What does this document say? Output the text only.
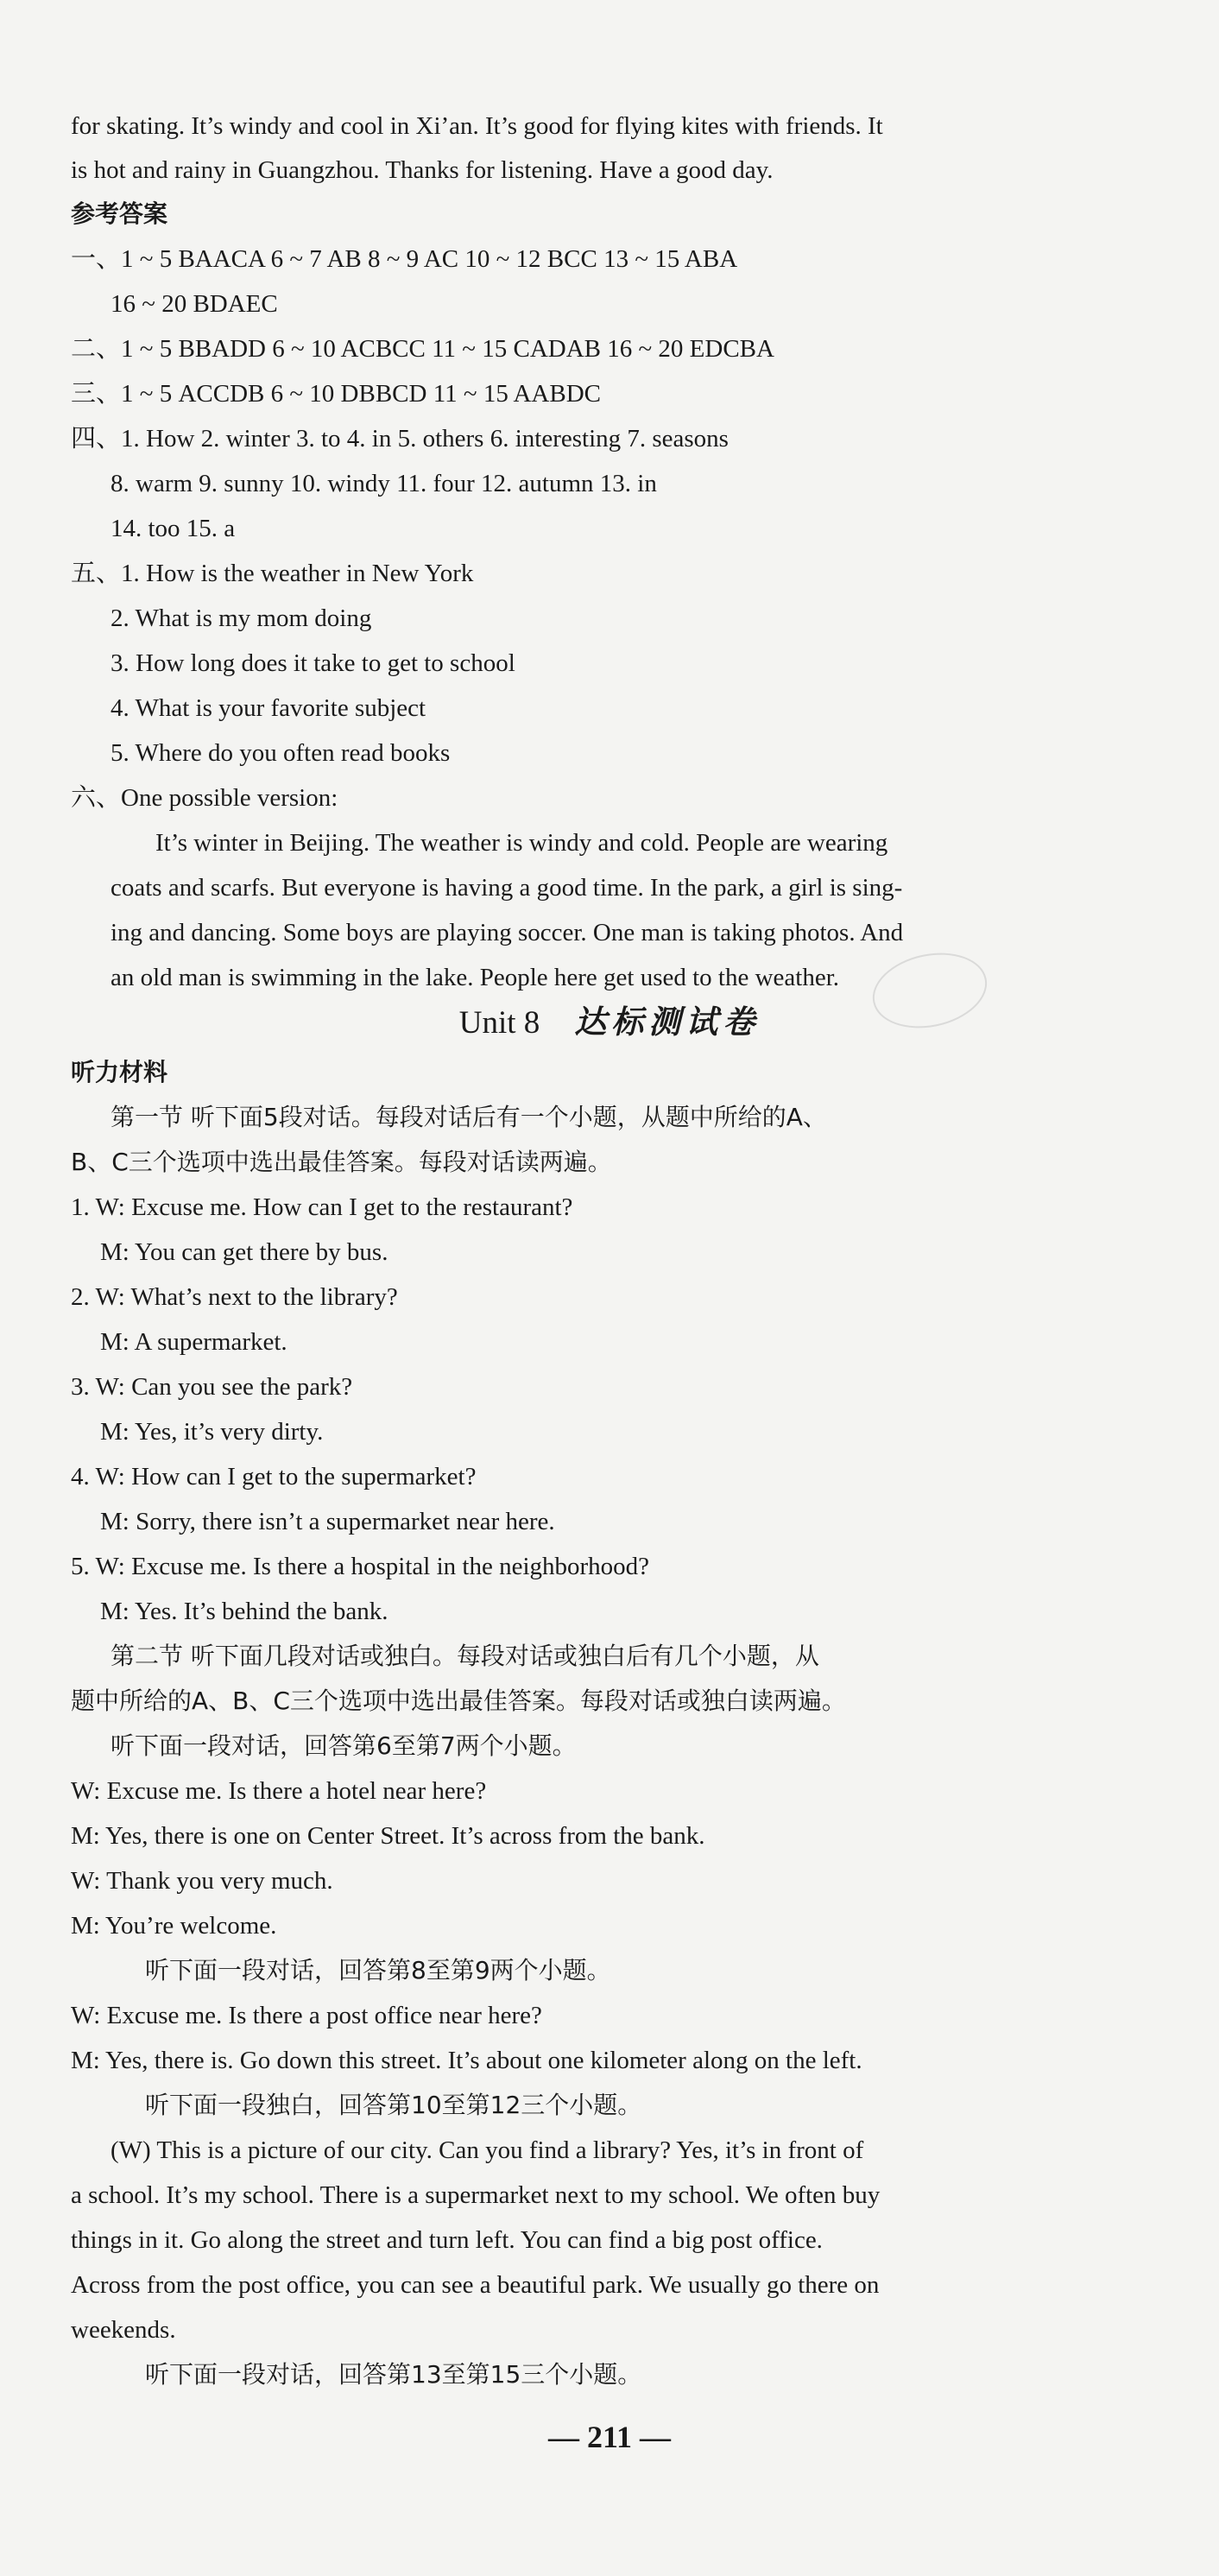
for skating. It’s windy and cool in Xi’an. It’s good for flying kites with friends. It
is hot and rainy in Guangzhou. Thanks for listening. Have a good day.
参考答案
一、1 ~ 5 BAACA 6 ~ 7 AB 8 ~ 9 AC 10 ~ 12 BCC 13 ~ 15 ABA
16 ~ 20 BDAEC
二、1 ~ 5 BBADD 6 ~ 10 ACBCC 11 ~ 15 CADAB 16 ~ 20 EDCBA
三、1 ~ 5 ACCDB 6 ~ 10 DBBCD 11 ~ 15 AABDC
四、1. How 2. winter 3. to 4. in 5. others 6. interesting 7. seasons
8. warm 9. sunny 10. windy 11. four 12. autumn 13. in
14. too 15. a
五、1. How is the weather in New York
2. What is my mom doing
3. How long does it take to get to school
4. What is your favorite subject
5. Where do you often read books
六、One possible version:
It’s winter in Beijing. The weather is windy and cold. People are wearing
coats and scarfs. But everyone is having a good time. In the park, a girl is sing-
ing and dancing. Some boys are playing soccer. One man is taking photos. And
an old man is swimming in the lake. People here get used to the weather.
Unit 8 达标测试卷
听力材料
第一节 听下面5段对话。每段对话后有一个小题，从题中所给的A、
B、C三个选项中选出最佳答案。每段对话读两遍。
1. W: Excuse me. How can I get to the restaurant?
M: You can get there by bus.
2. W: What’s next to the library?
M: A supermarket.
3. W: Can you see the park?
M: Yes, it’s very dirty.
4. W: How can I get to the supermarket?
M: Sorry, there isn’t a supermarket near here.
5. W: Excuse me. Is there a hospital in the neighborhood?
M: Yes. It’s behind the bank.
第二节 听下面几段对话或独白。每段对话或独白后有几个小题，从
题中所给的A、B、C三个选项中选出最佳答案。每段对话或独白读两遍。
听下面一段对话，回答第6至第7两个小题。
W: Excuse me. Is there a hotel near here?
M: Yes, there is one on Center Street. It’s across from the bank.
W: Thank you very much.
M: You’re welcome.
听下面一段对话，回答第8至第9两个小题。
W: Excuse me. Is there a post office near here?
M: Yes, there is. Go down this street. It’s about one kilometer along on the left.
听下面一段独白，回答第10至第12三个小题。
(W) This is a picture of our city. Can you find a library? Yes, it’s in front of
a school. It’s my school. There is a supermarket next to my school. We often buy
things in it. Go along the street and turn left. You can find a big post office.
Across from the post office, you can see a beautiful park. We usually go there on
weekends.
听下面一段对话，回答第13至第15三个小题。
— 211 —
